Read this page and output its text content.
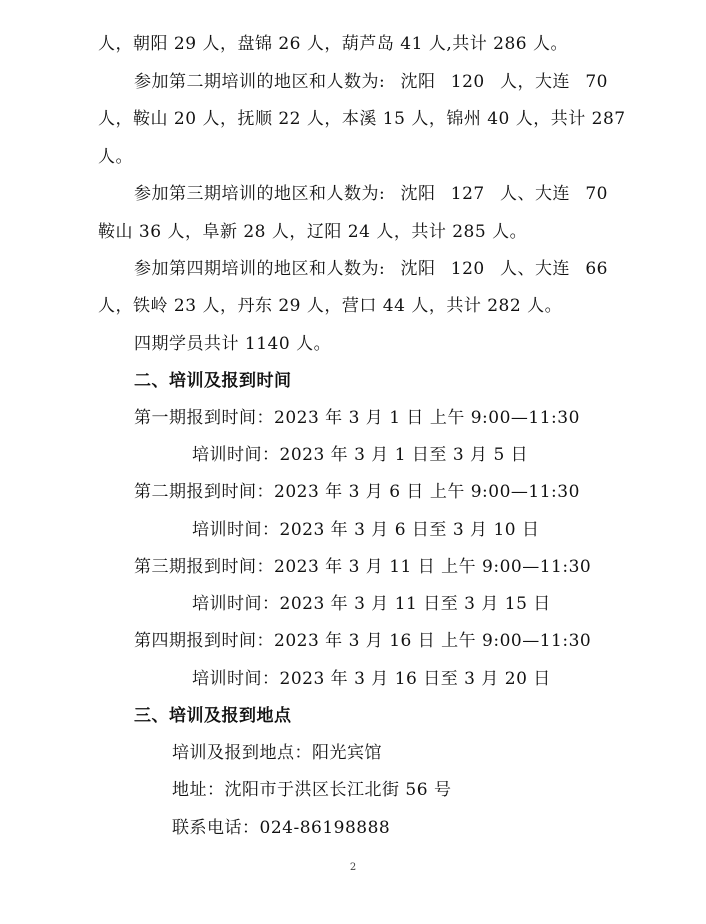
人，朝阳 29 人，盘锦 26 人，葫芦岛 41 人,共计 286 人。
参加第二期培训的地区和人数为: 沈阳 120 人，大连 70
人，鞍山 20 人，抚顺 22 人，本溪 15 人，锦州 40 人，共计 287
人。
参加第三期培训的地区和人数为: 沈阳 127 人、大连 70
鞍山 36 人，阜新 28 人，辽阳 24 人，共计 285 人。
参加第四期培训的地区和人数为: 沈阳 120 人、大连 66
人，铁岭 23 人，丹东 29 人，营口 44 人，共计 282 人。
四期学员共计 1140 人。
二、培训及报到时间
第一期报到时间：2023 年 3 月 1 日 上午 9:00—11:30
培训时间：2023 年 3 月 1 日至 3 月 5 日
第二期报到时间：2023 年 3 月 6 日 上午 9:00—11:30
培训时间：2023 年 3 月 6 日至 3 月 10 日
第三期报到时间：2023 年 3 月 11 日 上午 9:00—11:30
培训时间：2023 年 3 月 11 日至 3 月 15 日
第四期报到时间：2023 年 3 月 16 日 上午 9:00—11:30
培训时间：2023 年 3 月 16 日至 3 月 20 日
三、培训及报到地点
培训及报到地点：阳光宾馆
地址：沈阳市于洪区长江北街 56 号
联系电话：024-86198888
2
